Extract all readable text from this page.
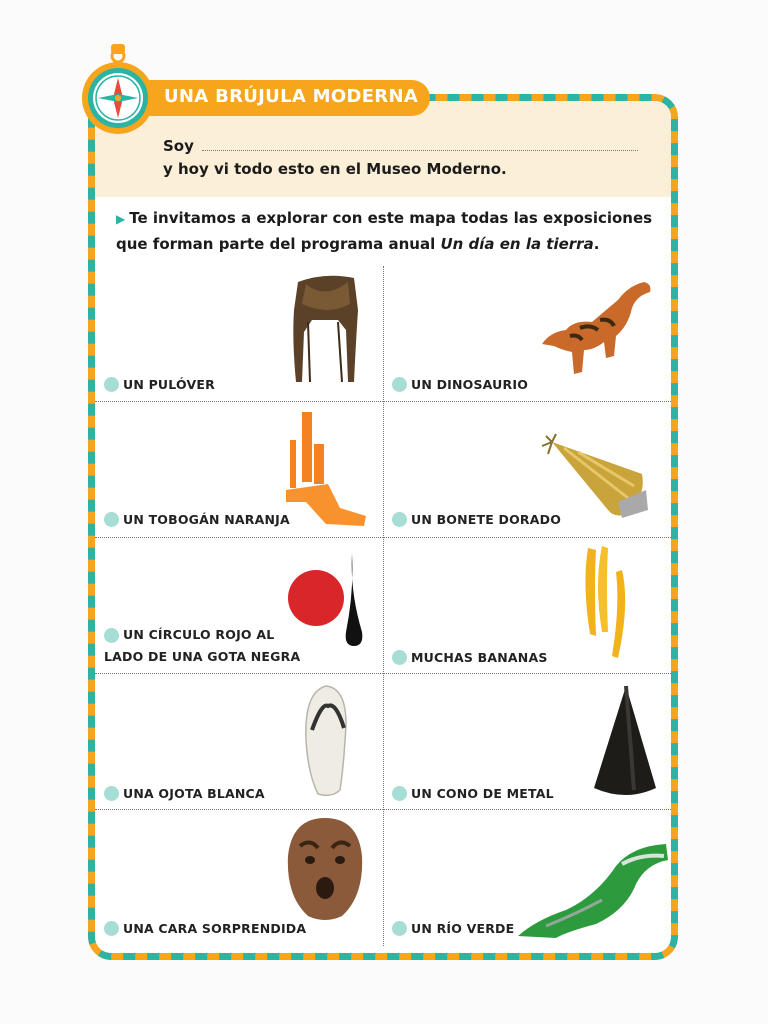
UNA BRÚJULA MODERNA
Soy
y hoy vi todo esto en el Museo Moderno.
▶ Te invitamos a explorar con este mapa todas las exposiciones que forman parte del programa anual Un día en la tierra.
UN PULÓVER	UN DINOSAURIO
UN TOBOGÁN NARANJA	UN BONETE DORADO
UN CÍRCULO ROJO AL
LADO DE UNA GOTA NEGRA	MUCHAS BANANAS
UNA OJOTA BLANCA	UN CONO DE METAL
UNA CARA SORPRENDIDA	UN RÍO VERDE
